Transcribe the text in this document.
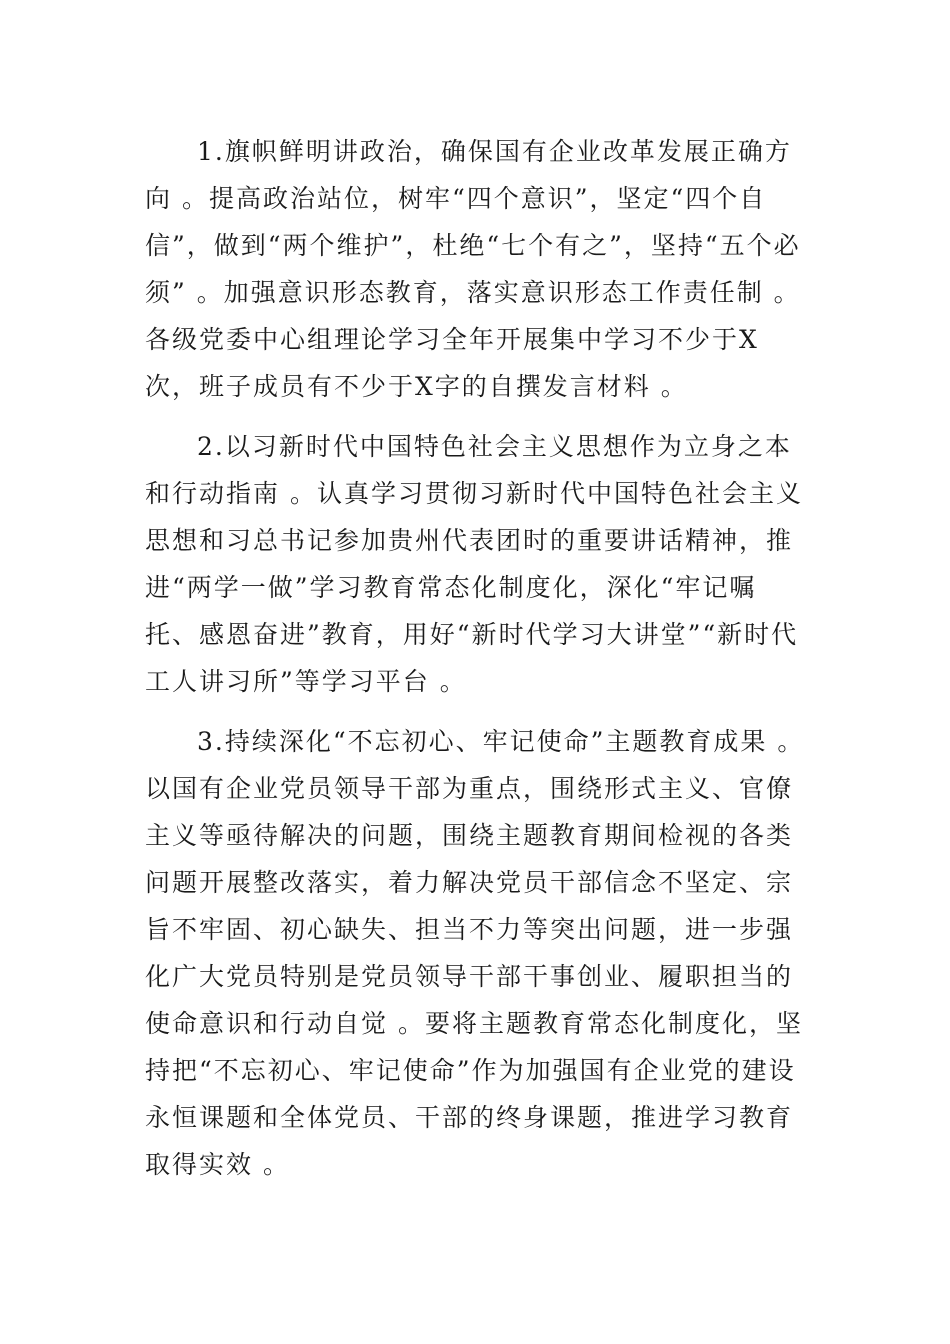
1.旗帜鲜明讲政治，确保国有企业改革发展正确方向 。提高政治站位，树牢“四个意识”，坚定“四个自信”，做到“两个维护”，杜绝“七个有之”，坚持“五个必须” 。加强意识形态教育，落实意识形态工作责任制 。各级党委中心组理论学习全年开展集中学习不少于X次，班子成员有不少于X字的自撰发言材料 。

2.以习新时代中国特色社会主义思想作为立身之本和行动指南 。认真学习贯彻习新时代中国特色社会主义思想和习总书记参加贵州代表团时的重要讲话精神，推进“两学一做”学习教育常态化制度化，深化“牢记嘱托、感恩奋进”教育，用好“新时代学习大讲堂”“新时代工人讲习所”等学习平台 。

3.持续深化“不忘初心、牢记使命”主题教育成果 。以国有企业党员领导干部为重点，围绕形式主义、官僚主义等亟待解决的问题，围绕主题教育期间检视的各类问题开展整改落实，着力解决党员干部信念不坚定、宗旨不牢固、初心缺失、担当不力等突出问题，进一步强化广大党员特别是党员领导干部干事创业、履职担当的使命意识和行动自觉 。要将主题教育常态化制度化，坚持把“不忘初心、牢记使命”作为加强国有企业党的建设永恒课题和全体党员、干部的终身课题，推进学习教育取得实效 。
